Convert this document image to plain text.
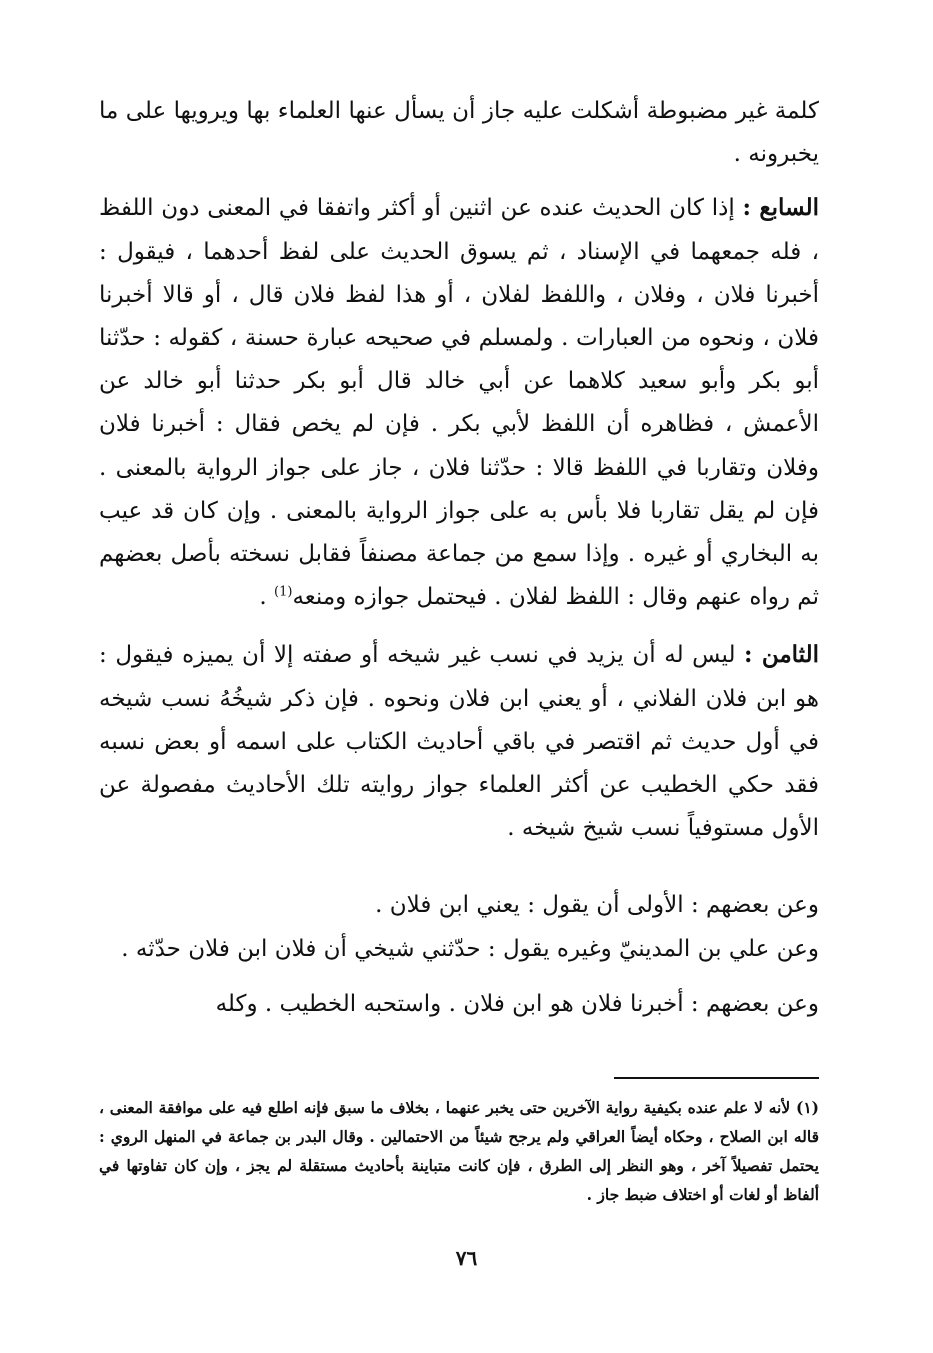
كلمة غير مضبوطة أشكلت عليه جاز أن يسأل عنها العلماء بها ويرويها على ما يخبرونه .

السابع : إذا كان الحديث عنده عن اثنين أو أكثر واتفقا في المعنى دون اللفظ ، فله جمعهما في الإسناد ، ثم يسوق الحديث على لفظ أحدهما ، فيقول : أخبرنا فلان ، وفلان ، واللفظ لفلان ، أو هذا لفظ فلان قال ، أو قالا أخبرنا فلان ، ونحوه من العبارات . ولمسلم في صحيحه عبارة حسنة ، كقوله : حدّثنا أبو بكر وأبو سعيد كلاهما عن أبي خالد قال أبو بكر حدثنا أبو خالد عن الأعمش ، فظاهره أن اللفظ لأبي بكر . فإن لم يخص فقال : أخبرنا فلان وفلان وتقاربا في اللفظ قالا : حدّثنا فلان ، جاز على جواز الرواية بالمعنى . فإن لم يقل تقاربا فلا بأس به على جواز الرواية بالمعنى . وإن كان قد عيب به البخاري أو غيره . وإذا سمع من جماعة مصنفاً فقابل نسخته بأصل بعضهم ثم رواه عنهم وقال : اللفظ لفلان . فيحتمل جوازه ومنعه$^{(1)}$ .

الثامن : ليس له أن يزيد في نسب غير شيخه أو صفته إلا أن يميزه فيقول : هو ابن فلان الفلاني ، أو يعني ابن فلان ونحوه . فإن ذكر شيخُهُ نسب شيخه في أول حديث ثم اقتصر في باقي أحاديث الكتاب على اسمه أو بعض نسبه فقد حكي الخطيب عن أكثر العلماء جواز روايته تلك الأحاديث مفصولة عن الأول مستوفياً نسب شيخ شيخه .

وعن بعضهم : الأولى أن يقول : يعني ابن فلان .

وعن علي بن المدينيّ وغيره يقول : حدّثني شيخي أن فلان ابن فلان حدّثه .

وعن بعضهم : أخبرنا فلان هو ابن فلان . واستحبه الخطيب . وكله

(١) لأنه لا علم عنده بكيفية رواية الآخرين حتى يخبر عنهما ، بخلاف ما سبق فإنه اطلع فيه على موافقة المعنى ، قاله ابن الصلاح ، وحكاه أيضاً العراقي ولم يرجح شيئاً من الاحتمالين . وقال البدر بن جماعة في المنهل الروي : يحتمل تفصيلاً آخر ، وهو النظر إلى الطرق ، فإن كانت متباينة بأحاديث مستقلة لم يجز ، وإن كان تفاوتها في ألفاظ أو لغات أو اختلاف ضبط جاز .

٧٦
